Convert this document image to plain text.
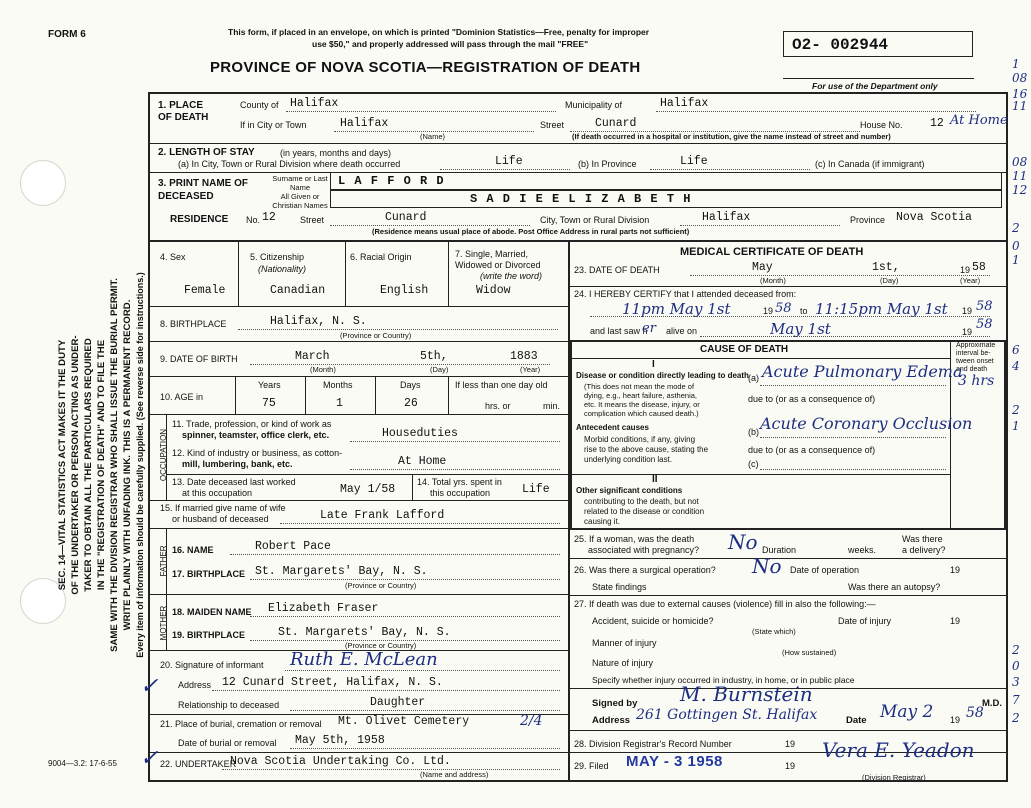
SEC. 14—VITAL STATISTICS ACT MAKES IT THE DUTY OF THE UNDERTAKER OR PERSON ACTING AS UNDER- TAKER TO OBTAIN ALL THE PARTICULARS REQUIRED IN THE "REGISTRATION OF DEATH" AND TO FILE THE SAME WITH THE DIVISION REGISTRAR WHO SHALL ISSUE THE BURIAL PERMIT. WRITE PLAINLY WITH UNFADING INK. THIS IS A PERMANENT RECORD. Every item of information should be carefully supplied. (See reverse side for instructions.)
FORM 6	This form, if placed in an envelope, on which is printed "Dominion Statistics—Free, penalty for improper
use $50," and properly addressed will pass through the mail "FREE"	O2- 002944
For use of the Department only
PROVINCE OF NOVA SCOTIA—REGISTRATION OF DEATH	1
08
16
11
08
11
12
2
0
1
6
4
2
1
2
0
3
7
2
1. PLACE OF DEATH
County of Halifax	Municipality of	Halifax
If in City or Town	Halifax
(Name)
Street	Cunard	House No. 12 At Home
(If death occurred in a hospital or institution, give the name instead of street and number)
2. LENGTH OF STAY	(in years, months and days)
(a) In City, Town or Rural Division where death occurred	Life	(b) In Province	Life	(c) In Canada (if immigrant)
3. PRINT NAME OF DECEASED
Surname or Last Name	L A F F O R D
All Given or Christian Names	S A D I E E L I Z A B E T H
RESIDENCE No. 12	Street	Cunard	City, Town or Rural Division	Halifax	Province Nova Scotia
(Residence means usual place of abode. Post Office Address in rural parts not sufficient)
4. Sex
Female
5. Citizenship
(Nationality)
Canadian
6. Racial Origin
English
7. Single, Married,
Widowed or Divorced
(write the word)
Widow
8. BIRTHPLACE	Halifax, N. S.
(Province or Country)
9. DATE OF BIRTH	March	5th,	1883
(Month)	(Day)	(Year)
10. AGE in
Years	Months	Days
75	1	26
If less than one day old
hrs. or	min.
OCCUPATION
11. Trade, profession, or kind of work as
spinner, teamster, office clerk, etc.	Houseduties
12. Kind of industry or business, as cotton-
mill, lumbering, bank, etc.	At Home
13. Date deceased last worked
at this occupation	May 1/58
14. Total yrs. spent in
this occupation	Life
15. If married give name of wife
or husband of deceased	Late Frank Lafford
FATHER 16. NAME	Robert Pace
17. BIRTHPLACE St. Margarets' Bay, N. S.
(Province or Country)
MOTHER 18. MAIDEN NAME Elizabeth Fraser
19. BIRTHPLACE	St. Margarets' Bay, N. S.
(Province or Country)
20. Signature of informant Ruth E. McLean
Address 12 Cunard Street, Halifax, N. S.
Relationship to deceased	Daughter
21. Place of burial, cremation or removal Mt. Olivet Cemetery	2/4
Date of burial or removal May 5th, 1958
22. UNDERTAKER
Nova Scotia Undertaking Co. Ltd.
(Name and address)
9004—3.2: 17-6-55
✓
✓
MEDICAL CERTIFICATE OF DEATH
23. DATE OF DEATH	May	1st,	19 58
(Month)	(Day)	(Year)
24. I HEREBY CERTIFY that I attended deceased from:
11pm May 1st	19 58 to 11:15pm May 1st 19 58
and last saw h
er alive on	May 1st	19 58
CAUSE OF DEATH	Approximate
interval be-
tween onset
and death
I
Disease or condition directly leading to death
(This does not mean the mode of
dying, e.g., heart failure, asthenia,
etc. It means the disease, injury, or
complication which caused death.)
(a) Acute Pulmonary Edema
3 hrs
due to (or as a consequence of)
Antecedent causes
Morbid conditions, if any, giving
rise to the above cause, stating the
underlying condition last.
(b) Acute Coronary Occlusion
due to (or as a consequence of)
(c)
II
Other significant conditions
contributing to the death, but not
related to the disease or condition
causing it.
25. If a woman, was the death
associated with pregnancy? No Duration	weeks.
Was there
a delivery?
26. Was there a surgical operation? No Date of operation	19
State findings	Was there an autopsy?
27. If death was due to external causes (violence) fill in also the following:—
Accident, suicide or homicide?
(State which)
Date of injury	19
Manner of injury
(How sustained)
Nature of injury
Specify whether injury occurred in industry, in home, or in public place
Signed by M. Burnstein	M.D.
Address 261 Gottingen St. Halifax	Date May 2 19 58
28. Division Registrar's Record Number	19
29. Filed MAY - 3 1958	19
Vera E. Yeadon
(Division Registrar)
